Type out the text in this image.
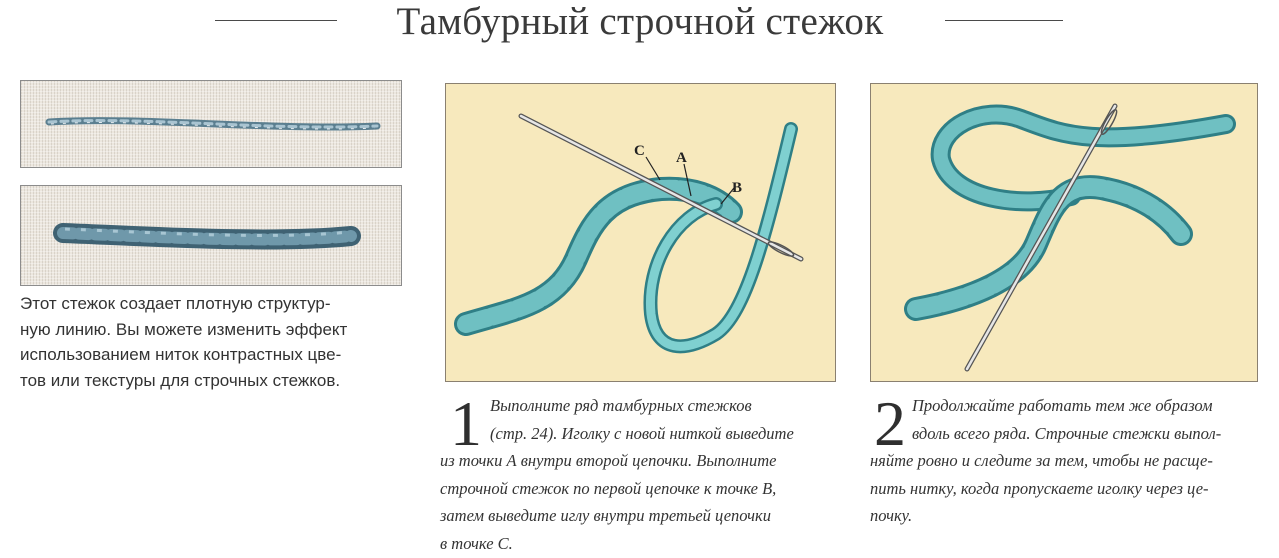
Тамбурный строчной стежок
Этот стежок создает плотную структур-
ную линию. Вы можете изменить эффект
использованием ниток контрастных цве-
тов или текстуры для строчных стежков.
C A
B
1 Выполните ряд тамбурных стежков
(стр. 24). Иголку с новой ниткой выведите
из точки А внутри второй цепочки. Выполните
строчной стежок по первой цепочке к точке В,
затем выведите иглу внутри третьей цепочки
в точке С.
2 Продолжайте работать тем же образом
вдоль всего ряда. Строчные стежки выпол-
няйте ровно и следите за тем, чтобы не расще-
пить нитку, когда пропускаете иголку через це-
почку.
